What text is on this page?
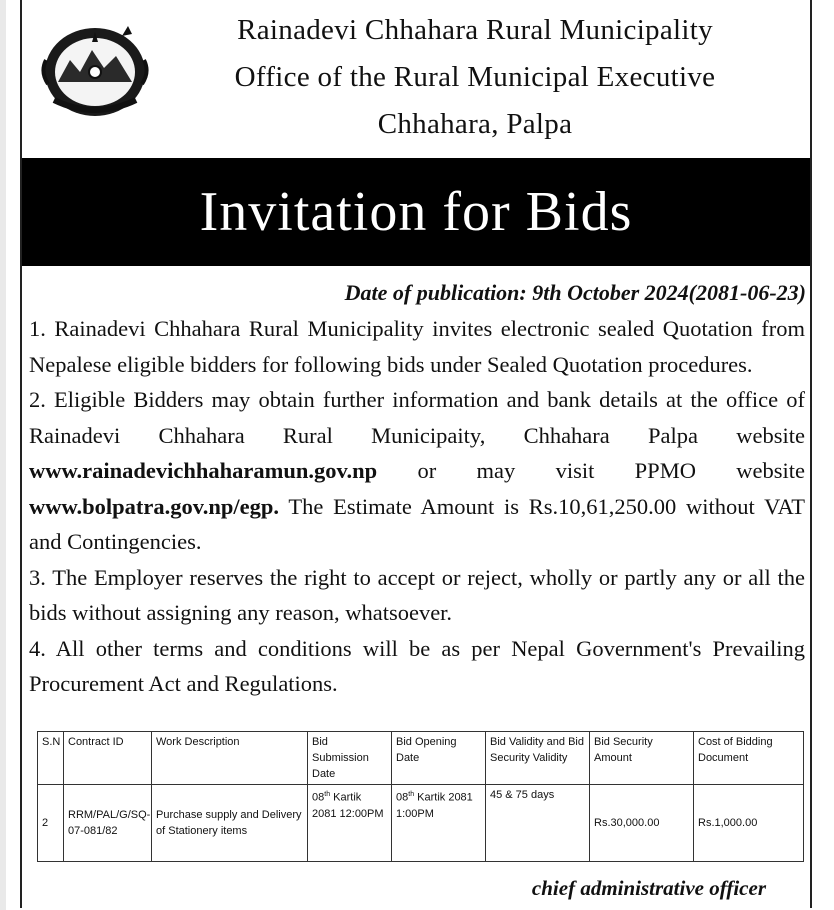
Rainadevi Chhahara Rural Municipality
Office of the Rural Municipal Executive
Chhahara, Palpa
Invitation for Bids
Date of publication: 9th October 2024(2081-06-23)

1. Rainadevi Chhahara Rural Municipality invites electronic sealed Quotation from Nepalese eligible bidders for following bids under Sealed Quotation procedures.

2. Eligible Bidders may obtain further information and bank details at the office of Rainadevi Chhahara Rural Municipaity, Chhahara Palpa website www.rainadevichhaharamun.gov.np or may visit PPMO website www.bolpatra.gov.np/egp. The Estimate Amount is Rs.10,61,250.00 without VAT and Contingencies.

3. The Employer reserves the right to accept or reject, wholly or partly any or all the bids without assigning any reason, whatsoever.

4. All other terms and conditions will be as per Nepal Government's Prevailing Procurement Act and Regulations.

S.N	Contract ID	Work Description	Bid Submission Date	Bid Opening Date	Bid Validity and Bid Security Validity	Bid Security Amount	Cost of Bidding Document
2	RRM/PAL/G/SQ-07-081/82	Purchase supply and Delivery of Stationery items	08th Kartik 2081 12:00PM	08th Kartik 2081 1:00PM	45 & 75 days	Rs.30,000.00	Rs.1,000.00
chief administrative officer
